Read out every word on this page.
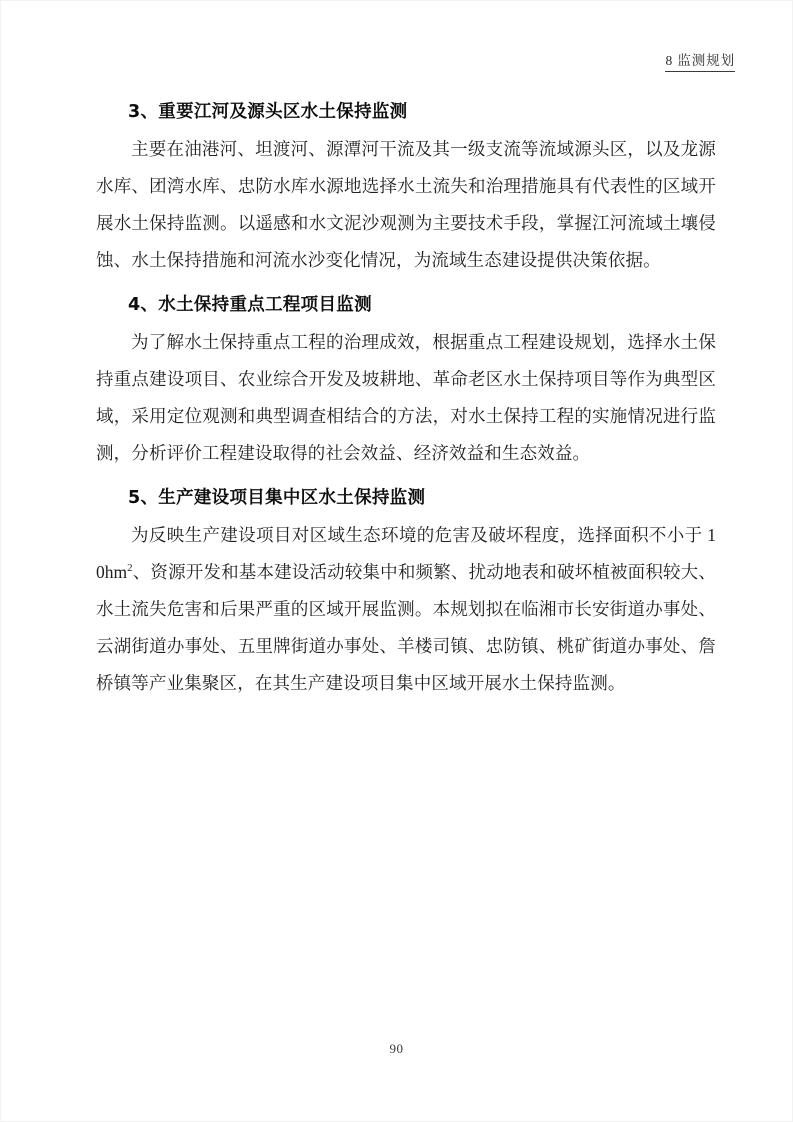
8 监测规划
3、重要江河及源头区水土保持监测

主要在油港河、坦渡河、源潭河干流及其一级支流等流域源头区，以及龙源水库、团湾水库、忠防水库水源地选择水土流失和治理措施具有代表性的区域开展水土保持监测。以遥感和水文泥沙观测为主要技术手段，掌握江河流域土壤侵蚀、水土保持措施和河流水沙变化情况，为流域生态建设提供决策依据。

4、水土保持重点工程项目监测

为了解水土保持重点工程的治理成效，根据重点工程建设规划，选择水土保持重点建设项目、农业综合开发及坡耕地、革命老区水土保持项目等作为典型区域，采用定位观测和典型调查相结合的方法，对水土保持工程的实施情况进行监测，分析评价工程建设取得的社会效益、经济效益和生态效益。

5、生产建设项目集中区水土保持监测

为反映生产建设项目对区域生态环境的危害及破坏程度，选择面积不小于 $10hm^2$、资源开发和基本建设活动较集中和频繁、扰动地表和破坏植被面积较大、水土流失危害和后果严重的区域开展监测。本规划拟在临湘市长安街道办事处、云湖街道办事处、五里牌街道办事处、羊楼司镇、忠防镇、桃矿街道办事处、詹桥镇等产业集聚区，在其生产建设项目集中区域开展水土保持监测。

90
